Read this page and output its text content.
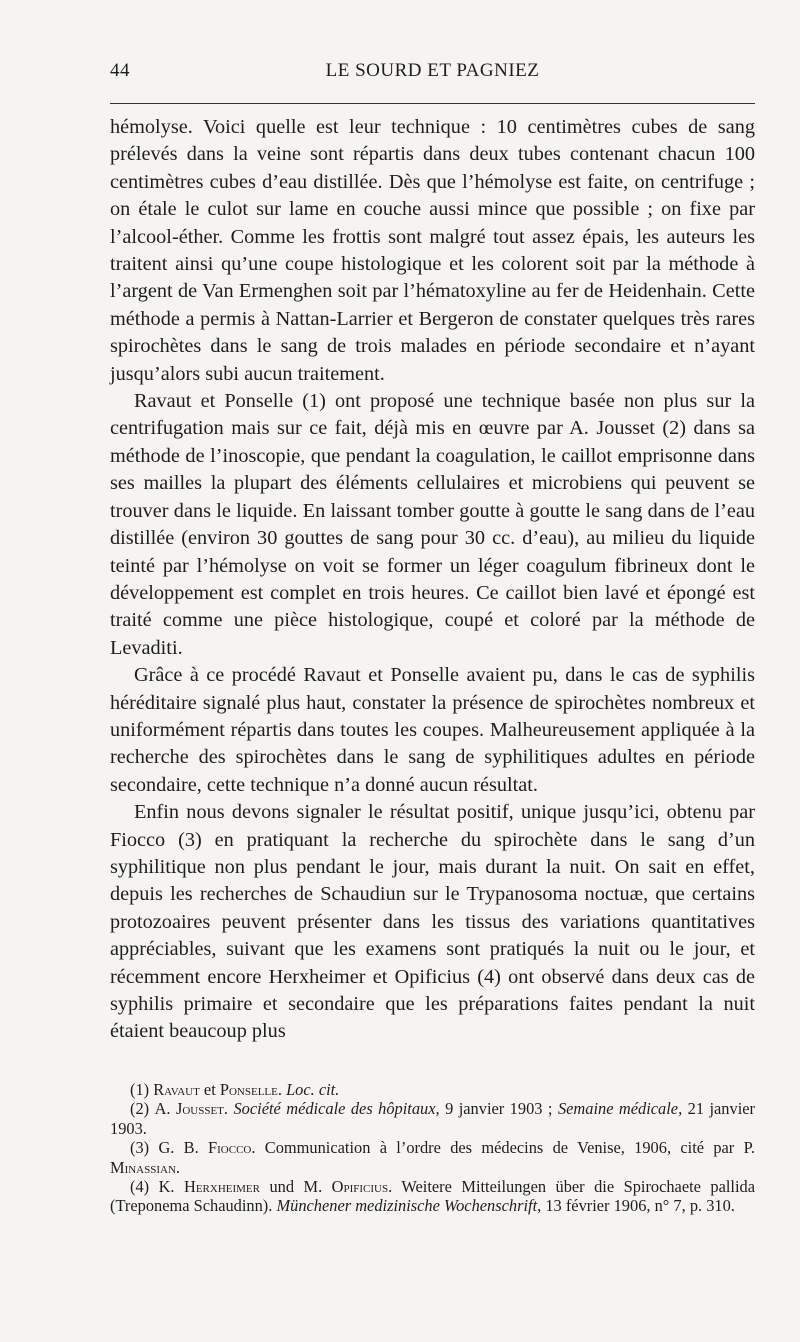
44	LE SOURD ET PAGNIEZ

hémolyse. Voici quelle est leur technique : 10 centimètres cubes de sang prélevés dans la veine sont répartis dans deux tubes contenant chacun 100 centimètres cubes d’eau distillée. Dès que l’hémolyse est faite, on centrifuge ; on étale le culot sur lame en couche aussi mince que possible ; on fixe par l’alcool-éther. Comme les frottis sont malgré tout assez épais, les auteurs les traitent ainsi qu’une coupe histologique et les colorent soit par la méthode à l’argent de Van Ermenghen soit par l’hématoxyline au fer de Heidenhain. Cette méthode a permis à Nattan-Larrier et Bergeron de constater quelques très rares spirochètes dans le sang de trois malades en période secondaire et n’ayant jusqu’alors subi aucun traitement.

Ravaut et Ponselle (1) ont proposé une technique basée non plus sur la centrifugation mais sur ce fait, déjà mis en œuvre par A. Jousset (2) dans sa méthode de l’inoscopie, que pendant la coagulation, le caillot emprisonne dans ses mailles la plupart des éléments cellulaires et microbiens qui peuvent se trouver dans le liquide. En laissant tomber goutte à goutte le sang dans de l’eau distillée (environ 30 gouttes de sang pour 30 cc. d’eau), au milieu du liquide teinté par l’hémolyse on voit se former un léger coagulum fibrineux dont le développement est complet en trois heures. Ce caillot bien lavé et épongé est traité comme une pièce histologique, coupé et coloré par la méthode de Levaditi.

Grâce à ce procédé Ravaut et Ponselle avaient pu, dans le cas de syphilis héréditaire signalé plus haut, constater la présence de spirochètes nombreux et uniformément répartis dans toutes les coupes. Malheureusement appliquée à la recherche des spirochètes dans le sang de syphilitiques adultes en période secondaire, cette technique n’a donné aucun résultat.

Enfin nous devons signaler le résultat positif, unique jusqu’ici, obtenu par Fiocco (3) en pratiquant la recherche du spirochète dans le sang d’un syphilitique non plus pendant le jour, mais durant la nuit. On sait en effet, depuis les recherches de Schaudiun sur le Trypanosoma noctuæ, que certains protozoaires peuvent présenter dans les tissus des variations quantitatives appréciables, suivant que les examens sont pratiqués la nuit ou le jour, et récemment encore Herxheimer et Opificius (4) ont observé dans deux cas de syphilis primaire et secondaire que les préparations faites pendant la nuit étaient beaucoup plus

(1) Ravaut et Ponselle. Loc. cit.

(2) A. Jousset. Société médicale des hôpitaux, 9 janvier 1903 ; Semaine médicale, 21 janvier 1903.

(3) G. B. Fiocco. Communication à l’ordre des médecins de Venise, 1906, cité par P. Minassian.

(4) K. Herxheimer und M. Opificius. Weitere Mitteilungen über die Spirochaete pallida (Treponema Schaudinn). Münchener medizinische Wochenschrift, 13 février 1906, n° 7, p. 310.
